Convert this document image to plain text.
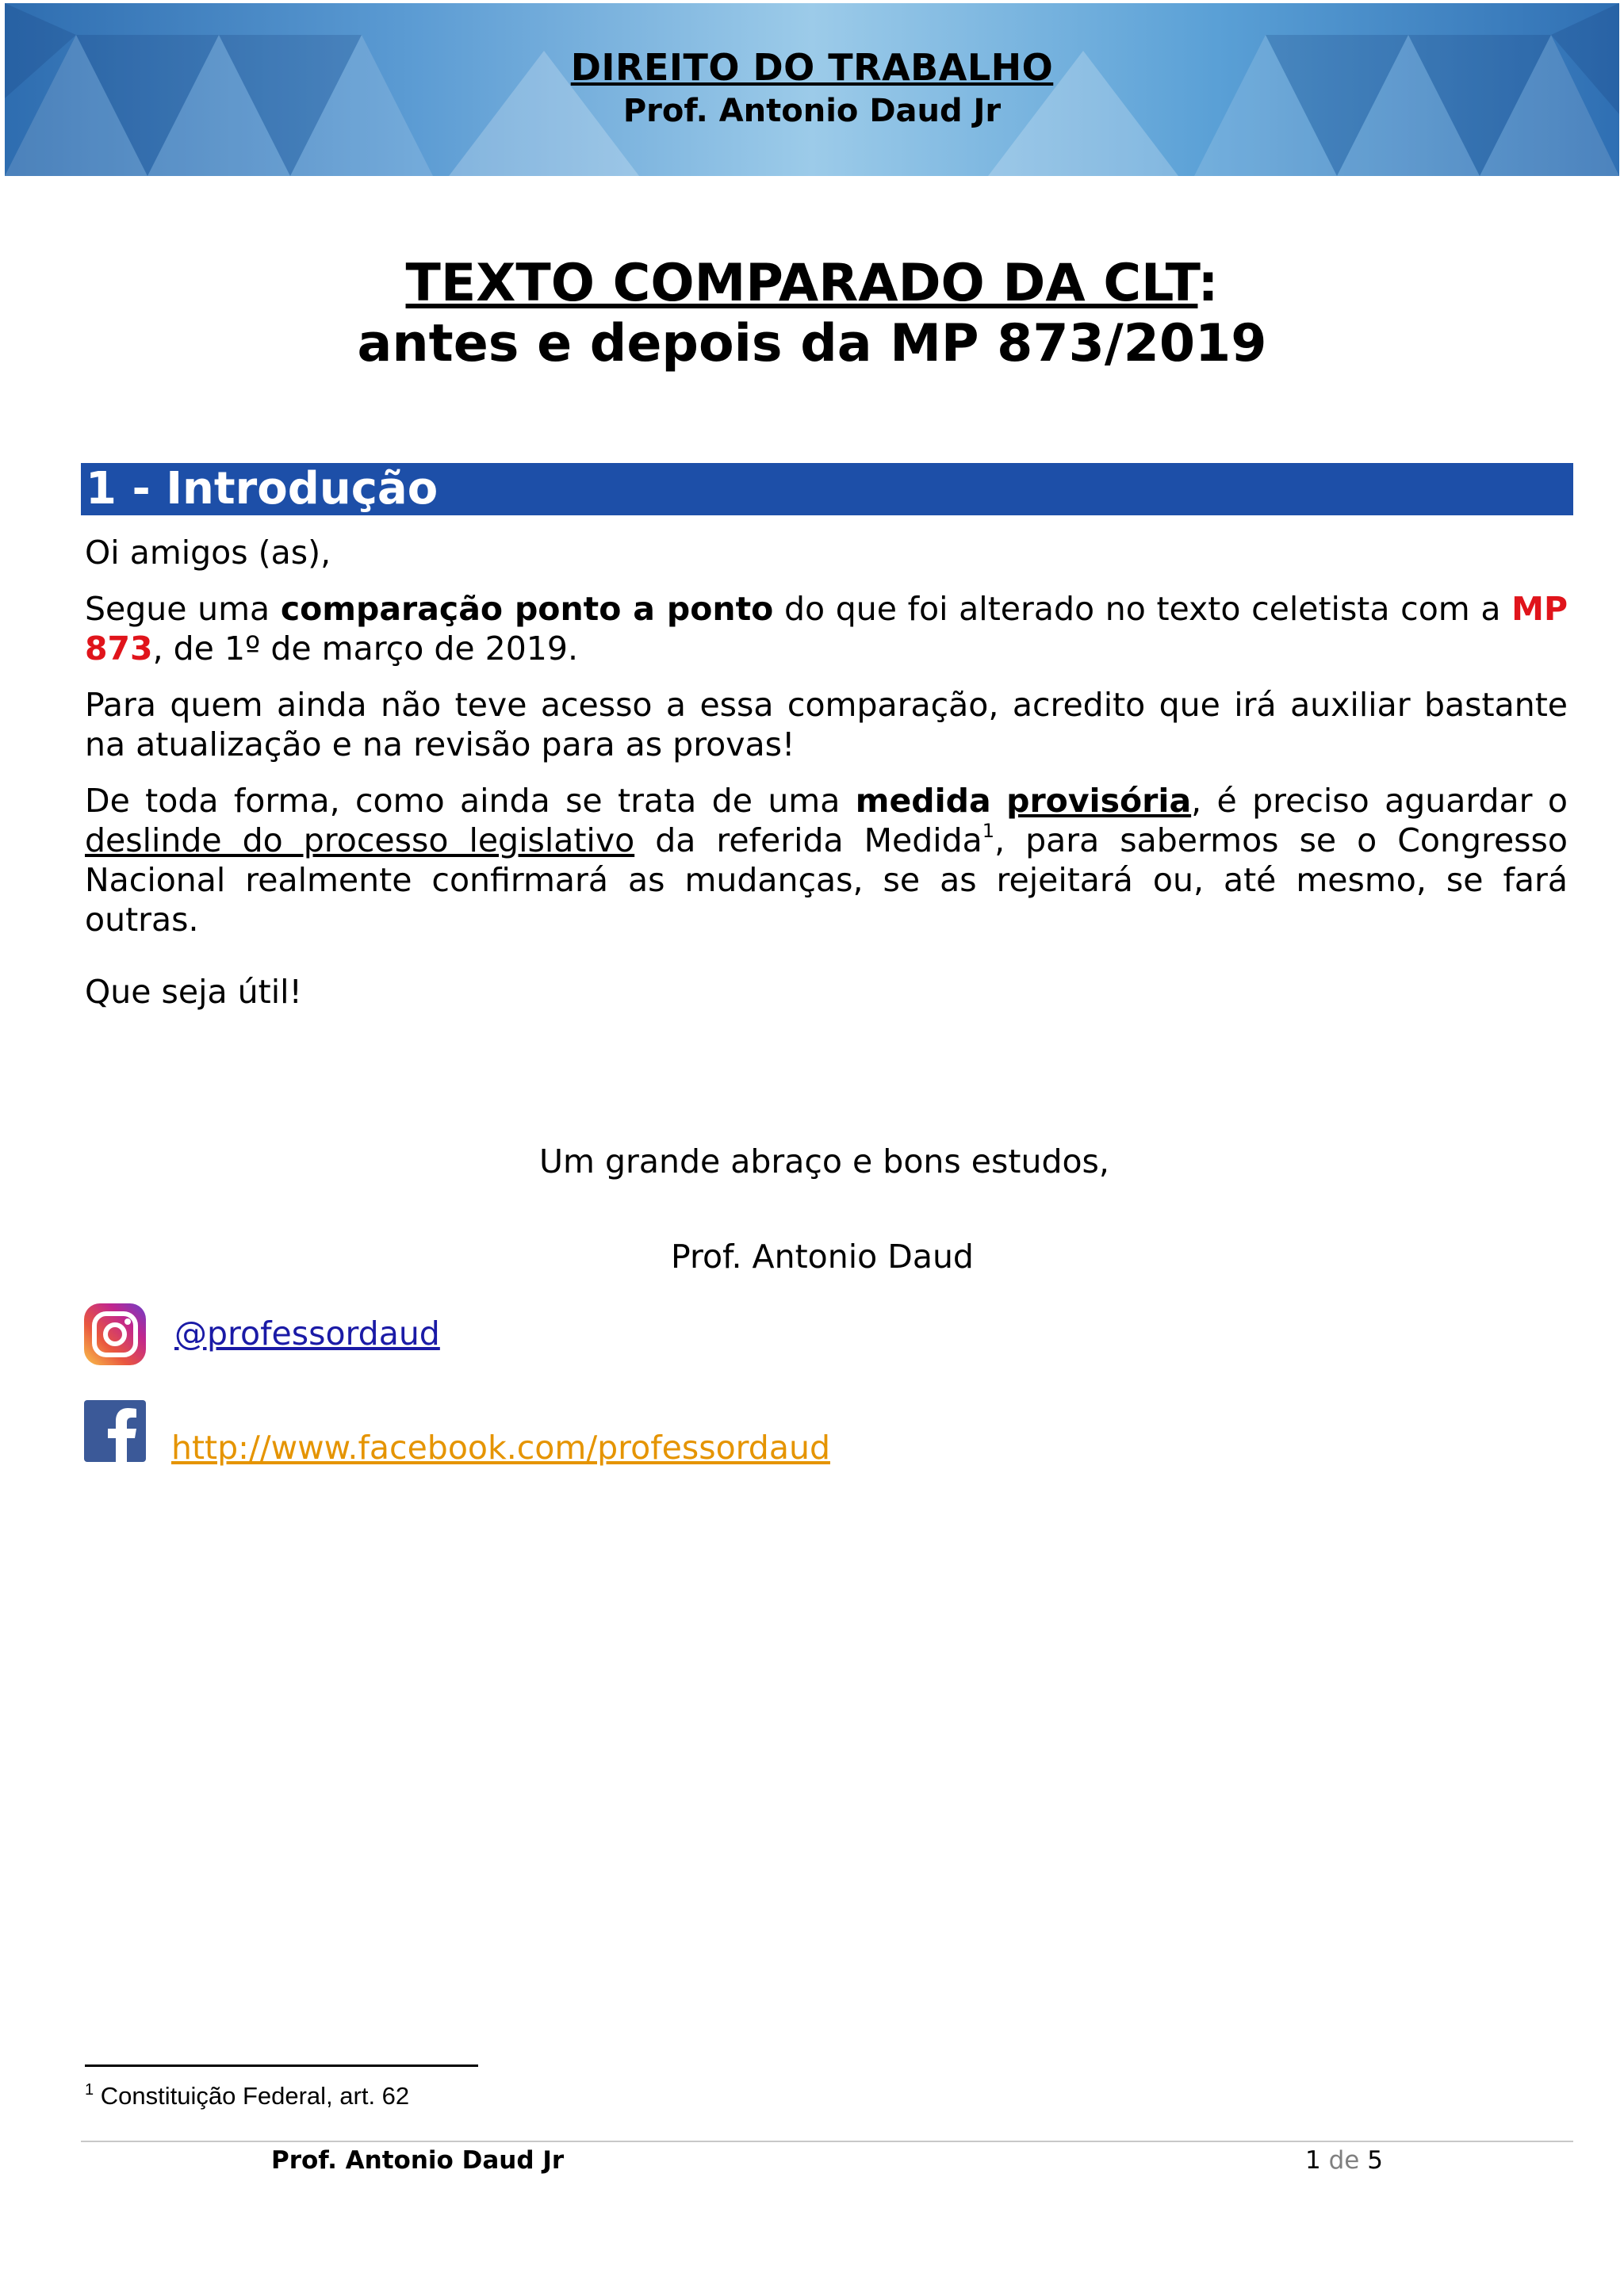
DIREITO DO TRABALHO
Prof. Antonio Daud Jr
TEXTO COMPARADO DA CLT:
antes e depois da MP 873/2019
1 - Introdução
Oi amigos (as),
Segue uma comparação ponto a ponto do que foi alterado no texto celetista com a MP 873, de 1º de março de 2019.
Para quem ainda não teve acesso a essa comparação, acredito que irá auxiliar bastante na atualização e na revisão para as provas!
De toda forma, como ainda se trata de uma medida provisória, é preciso aguardar o deslinde do processo legislativo da referida Medida$^1$, para sabermos se o Congresso Nacional realmente confirmará as mudanças, se as rejeitará ou, até mesmo, se fará outras.
Que seja útil!
Um grande abraço e bons estudos,
Prof. Antonio Daud
@professordaud
http://www.facebook.com/professordaud
$^1$ Constituição Federal, art. 62
Prof. Antonio Daud Jr	1 de 5
